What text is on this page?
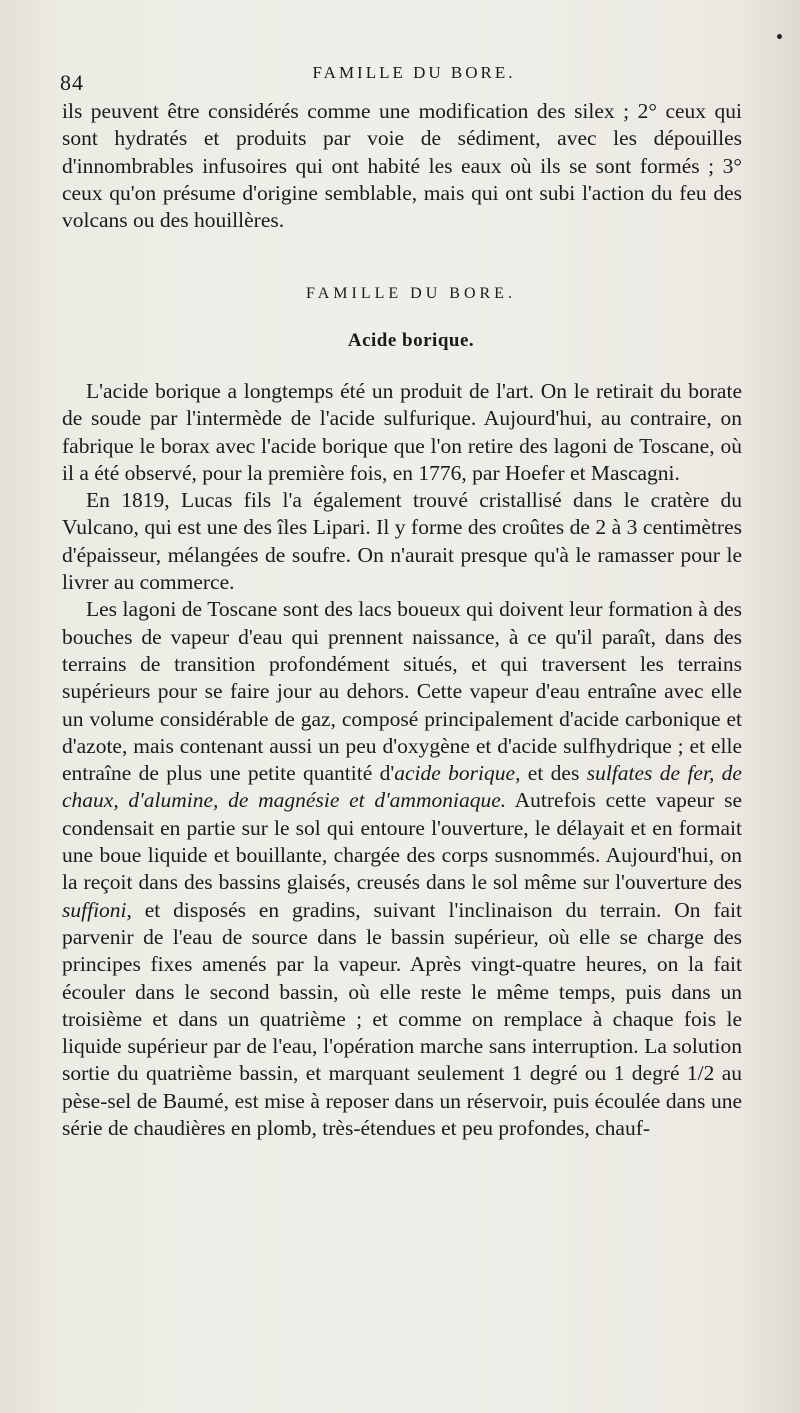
84	FAMILLE DU BORE.

ils peuvent être considérés comme une modification des silex ; 2° ceux qui sont hydratés et produits par voie de sédiment, avec les dépouilles d'innombrables infusoires qui ont habité les eaux où ils se sont formés ; 3° ceux qu'on présume d'origine semblable, mais qui ont subi l'action du feu des volcans ou des houillères.

FAMILLE DU BORE.
Acide borique.

L'acide borique a longtemps été un produit de l'art. On le retirait du borate de soude par l'intermède de l'acide sulfurique. Aujourd'hui, au contraire, on fabrique le borax avec l'acide borique que l'on retire des lagoni de Toscane, où il a été observé, pour la première fois, en 1776, par Hoefer et Mascagni.

En 1819, Lucas fils l'a également trouvé cristallisé dans le cratère du Vulcano, qui est une des îles Lipari. Il y forme des croûtes de 2 à 3 centimètres d'épaisseur, mélangées de soufre. On n'aurait presque qu'à le ramasser pour le livrer au commerce.

Les lagoni de Toscane sont des lacs boueux qui doivent leur formation à des bouches de vapeur d'eau qui prennent naissance, à ce qu'il paraît, dans des terrains de transition profondément situés, et qui traversent les terrains supérieurs pour se faire jour au dehors. Cette vapeur d'eau entraîne avec elle un volume considérable de gaz, composé principalement d'acide carbonique et d'azote, mais contenant aussi un peu d'oxygène et d'acide sulfhydrique ; et elle entraîne de plus une petite quantité d'acide borique, et des sulfates de fer, de chaux, d'alumine, de magnésie et d'ammoniaque. Autrefois cette vapeur se condensait en partie sur le sol qui entoure l'ouverture, le délayait et en formait une boue liquide et bouillante, chargée des corps susnommés. Aujourd'hui, on la reçoit dans des bassins glaisés, creusés dans le sol même sur l'ouverture des suffioni, et disposés en gradins, suivant l'inclinaison du terrain. On fait parvenir de l'eau de source dans le bassin supérieur, où elle se charge des principes fixes amenés par la vapeur. Après vingt-quatre heures, on la fait écouler dans le second bassin, où elle reste le même temps, puis dans un troisième et dans un quatrième ; et comme on remplace à chaque fois le liquide supérieur par de l'eau, l'opération marche sans interruption. La solution sortie du quatrième bassin, et marquant seulement 1 degré ou 1 degré 1/2 au pèse-sel de Baumé, est mise à reposer dans un réservoir, puis écoulée dans une série de chaudières en plomb, très-étendues et peu profondes, chauf-
